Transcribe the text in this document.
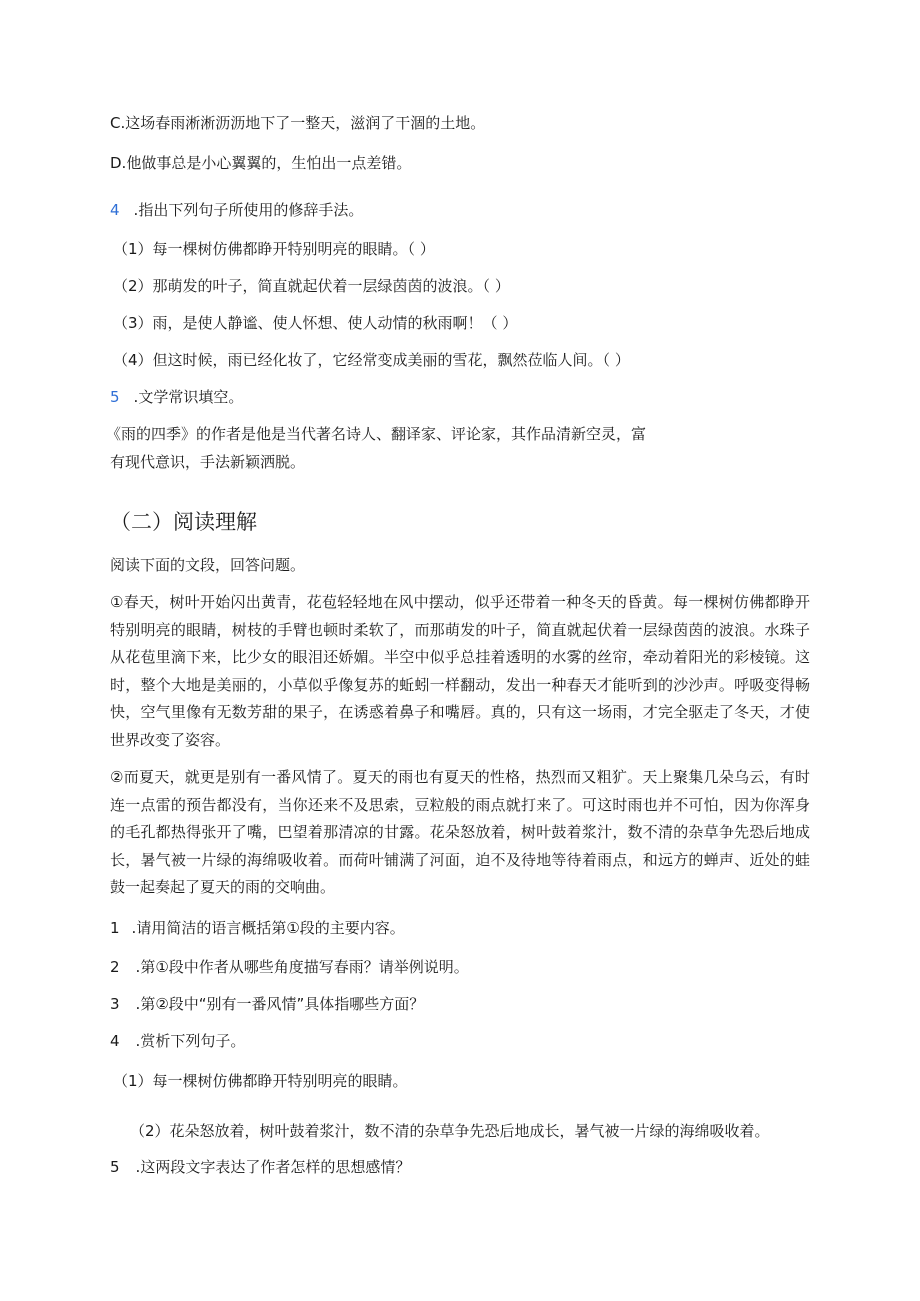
C.这场春雨淅淅沥沥地下了一整天，滋润了干涸的土地。
D.他做事总是小心翼翼的，生怕出一点差错。
4 .指出下列句子所使用的修辞手法。
（1）每一棵树仿佛都睁开特别明亮的眼睛。（ ）
（2）那萌发的叶子，简直就起伏着一层绿茵茵的波浪。（ ）
（3）雨，是使人静谧、使人怀想、使人动情的秋雨啊！（ ）
（4）但这时候，雨已经化妆了，它经常变成美丽的雪花，飘然莅临人间。（ ）
5 .文学常识填空。
《雨的四季》的作者是他是当代著名诗人、翻译家、评论家，其作品清新空灵，富
有现代意识，手法新颖洒脱。
（二）阅读理解
阅读下面的文段，回答问题。
①春天，树叶开始闪出黄青，花苞轻轻地在风中摆动，似乎还带着一种冬天的昏黄。每一棵树仿佛都睁开特别明亮的眼睛，树枝的手臂也顿时柔软了，而那萌发的叶子，简直就起伏着一层绿茵茵的波浪。水珠子从花苞里滴下来，比少女的眼泪还娇媚。半空中似乎总挂着透明的水雾的丝帘，牵动着阳光的彩棱镜。这时，整个大地是美丽的，小草似乎像复苏的蚯蚓一样翻动，发出一种春天才能听到的沙沙声。呼吸变得畅快，空气里像有无数芳甜的果子，在诱惑着鼻子和嘴唇。真的，只有这一场雨，才完全驱走了冬天，才使世界改变了姿容。
②而夏天，就更是别有一番风情了。夏天的雨也有夏天的性格，热烈而又粗犷。天上聚集几朵乌云，有时连一点雷的预告都没有，当你还来不及思索，豆粒般的雨点就打来了。可这时雨也并不可怕，因为你浑身的毛孔都热得张开了嘴，巴望着那清凉的甘露。花朵怒放着，树叶鼓着浆汁，数不清的杂草争先恐后地成长，暑气被一片绿的海绵吸收着。而荷叶铺满了河面，迫不及待地等待着雨点，和远方的蝉声、近处的蛙鼓一起奏起了夏天的雨的交响曲。
1 .请用简洁的语言概括第①段的主要内容。
2 .第①段中作者从哪些角度描写春雨？请举例说明。
3 .第②段中“别有一番风情”具体指哪些方面？
4 .赏析下列句子。
（1）每一棵树仿佛都睁开特别明亮的眼睛。
（2）花朵怒放着，树叶鼓着浆汁，数不清的杂草争先恐后地成长，暑气被一片绿的海绵吸收着。
5 .这两段文字表达了作者怎样的思想感情？
